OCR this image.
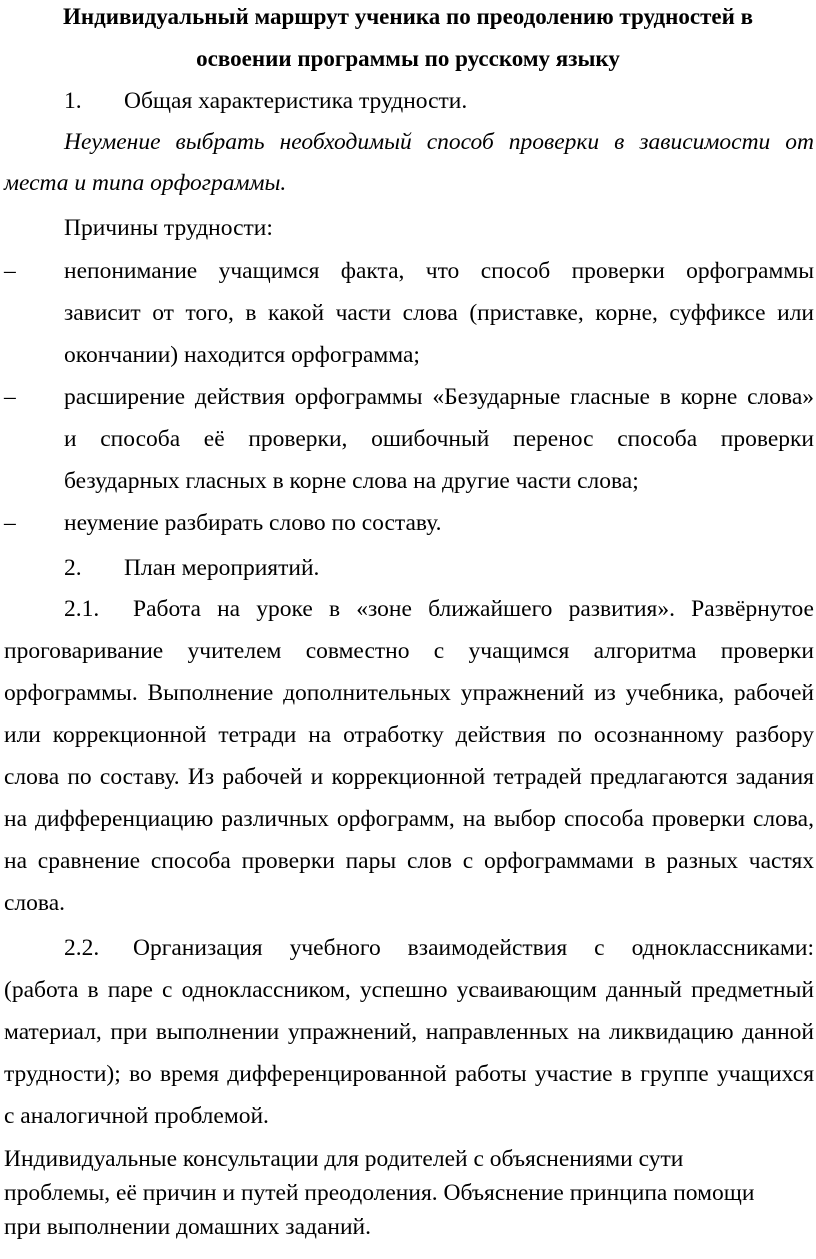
Индивидуальный маршрут ученика по преодолению трудностей в
освоении программы по русскому языку
1. Общая характеристика трудности.
Неумение выбрать необходимый способ проверки в зависимости от
места и типа орфограммы.
Причины трудности:
– непонимание учащимся факта, что способ проверки орфограммы
зависит от того, в какой части слова (приставке, корне, суффиксе или
окончании) находится орфограмма;
– расширение действия орфограммы «Безударные гласные в корне слова»
и способа её проверки, ошибочный перенос способа проверки
безударных гласных в корне слова на другие части слова;
– неумение разбирать слово по составу.
2. План мероприятий.
2.1. Работа на уроке в «зоне ближайшего развития». Развёрнутое
проговаривание учителем совместно с учащимся алгоритма проверки
орфограммы. Выполнение дополнительных упражнений из учебника, рабочей
или коррекционной тетради на отработку действия по осознанному разбору
слова по составу. Из рабочей и коррекционной тетрадей предлагаются задания
на дифференциацию различных орфограмм, на выбор способа проверки слова,
на сравнение способа проверки пары слов с орфограммами в разных частях
слова.
2.2. Организация учебного взаимодействия с одноклассниками:
(работа в паре с одноклассником, успешно усваивающим данный предметный
материал, при выполнении упражнений, направленных на ликвидацию данной
трудности); во время дифференцированной работы участие в группе учащихся
с аналогичной проблемой.
Индивидуальные консультации для родителей с объяснениями сути
проблемы, её причин и путей преодоления. Объяснение принципа помощи
при выполнении домашних заданий.
